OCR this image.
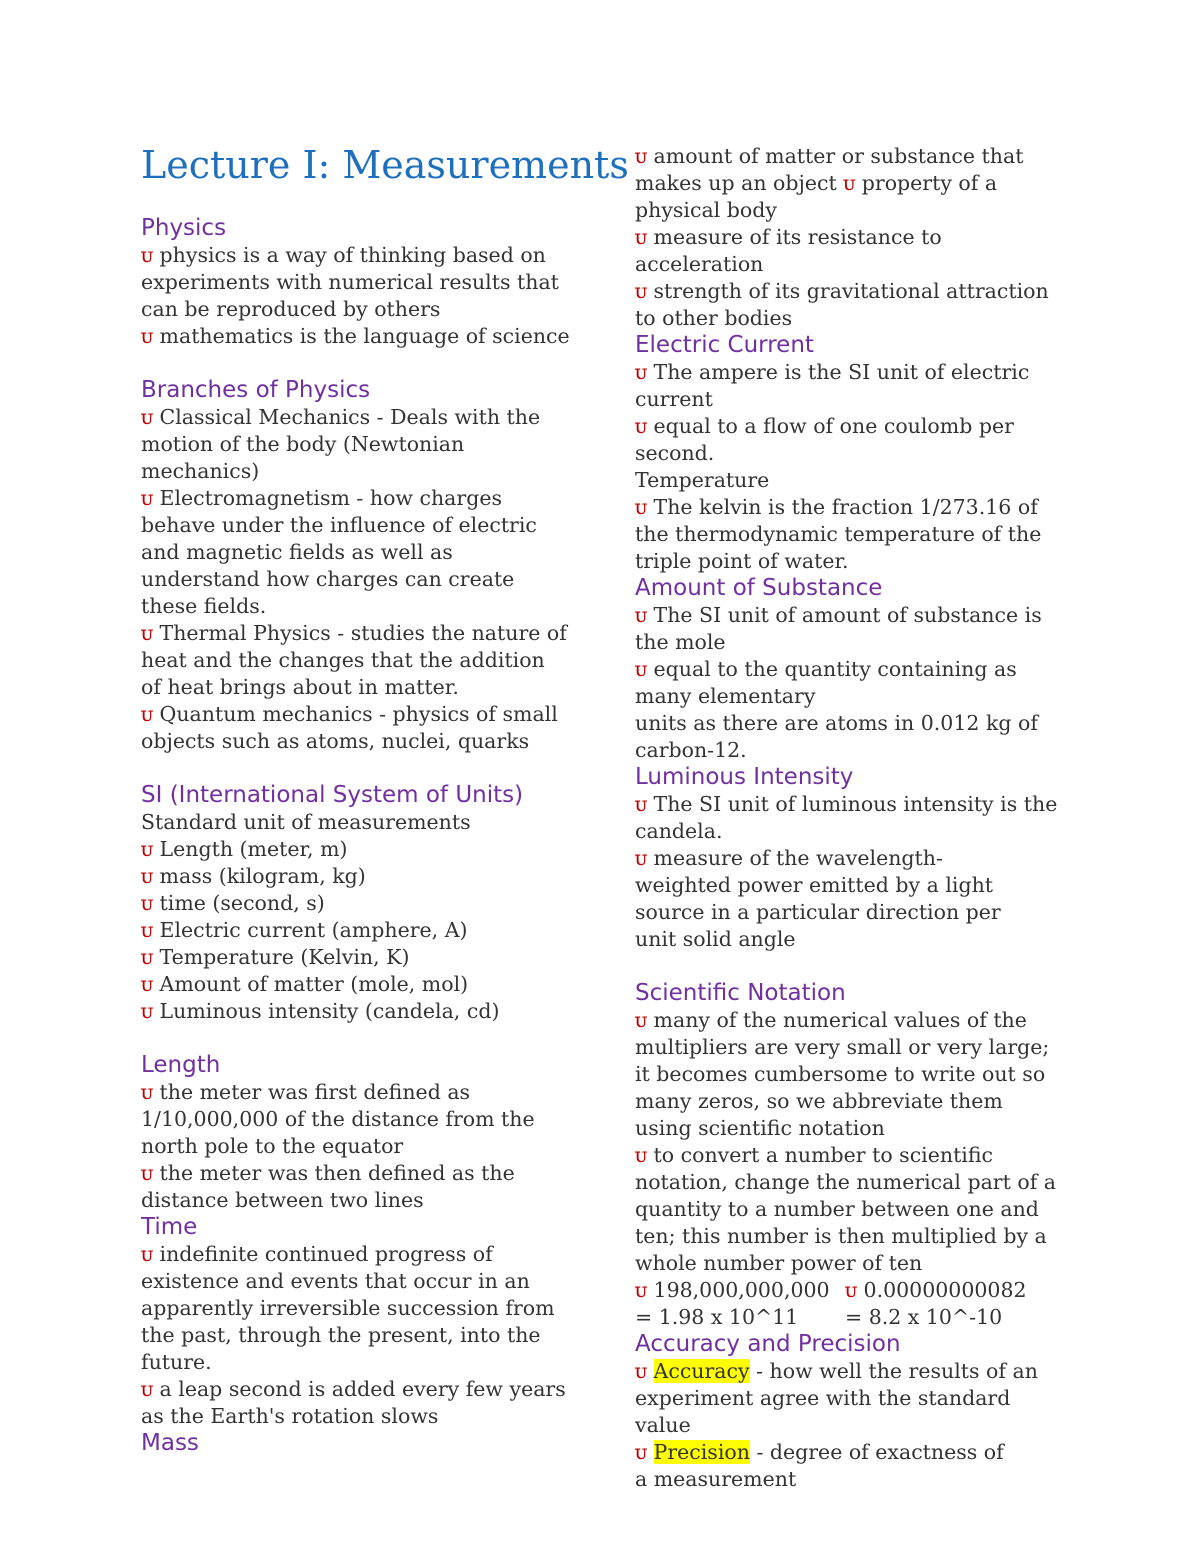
Lecture I: Measurements
Physics

ᴜ physics is a way of thinking based on experiments with numerical results that can be reproduced by others

ᴜ mathematics is the language of science

Branches of Physics

ᴜ Classical Mechanics - Deals with the motion of the body (Newtonian mechanics)

ᴜ Electromagnetism - how charges behave under the influence of electric and magnetic fields as well as understand how charges can create these fields.

ᴜ Thermal Physics - studies the nature of heat and the changes that the addition of heat brings about in matter.

ᴜ Quantum mechanics - physics of small objects such as atoms, nuclei, quarks

SI (International System of Units)

Standard unit of measurements

ᴜ Length (meter, m)

ᴜ mass (kilogram, kg)

ᴜ time (second, s)

ᴜ Electric current (amphere, A)

ᴜ Temperature (Kelvin, K)

ᴜ Amount of matter (mole, mol)

ᴜ Luminous intensity (candela, cd)

Length

ᴜ the meter was first defined as 1/10,000,000 of the distance from the north pole to the equator

ᴜ the meter was then defined as the distance between two lines

Time

ᴜ indefinite continued progress of existence and events that occur in an apparently irreversible succession from the past, through the present, into the future.

ᴜ a leap second is added every few years as the Earth's rotation slows

Mass

ᴜ amount of matter or substance that makes up an object ᴜ property of a physical body

ᴜ measure of its resistance to acceleration

ᴜ strength of its gravitational attraction to other bodies

Electric Current

ᴜ The ampere is the SI unit of electric current

ᴜ equal to a flow of one coulomb per second.

Temperature

ᴜ The kelvin is the fraction 1/273.16 of the thermodynamic temperature of the triple point of water.

Amount of Substance

ᴜ The SI unit of amount of substance is the mole

ᴜ equal to the quantity containing as many elementary

units as there are atoms in 0.012 kg of carbon-12.

Luminous Intensity

ᴜ The SI unit of luminous intensity is the candela.

ᴜ measure of the wavelength-weighted power emitted by a light source in a particular direction per unit solid angle

Scientific Notation

ᴜ many of the numerical values of the multipliers are very small or very large; it becomes cumbersome to write out so many zeros, so we abbreviate them using scientific notation

ᴜ to convert a number to scientific notation, change the numerical part of a quantity to a number between one and ten; this number is then multiplied by a whole number power of ten

ᴜ 198,000,000,000

= 1.98 x 10^11

ᴜ 0.00000000082

= 8.2 x 10^-10

Accuracy and Precision

ᴜ Accuracy - how well the results of an experiment agree with the standard value

ᴜ Precision - degree of exactness of a measurement
